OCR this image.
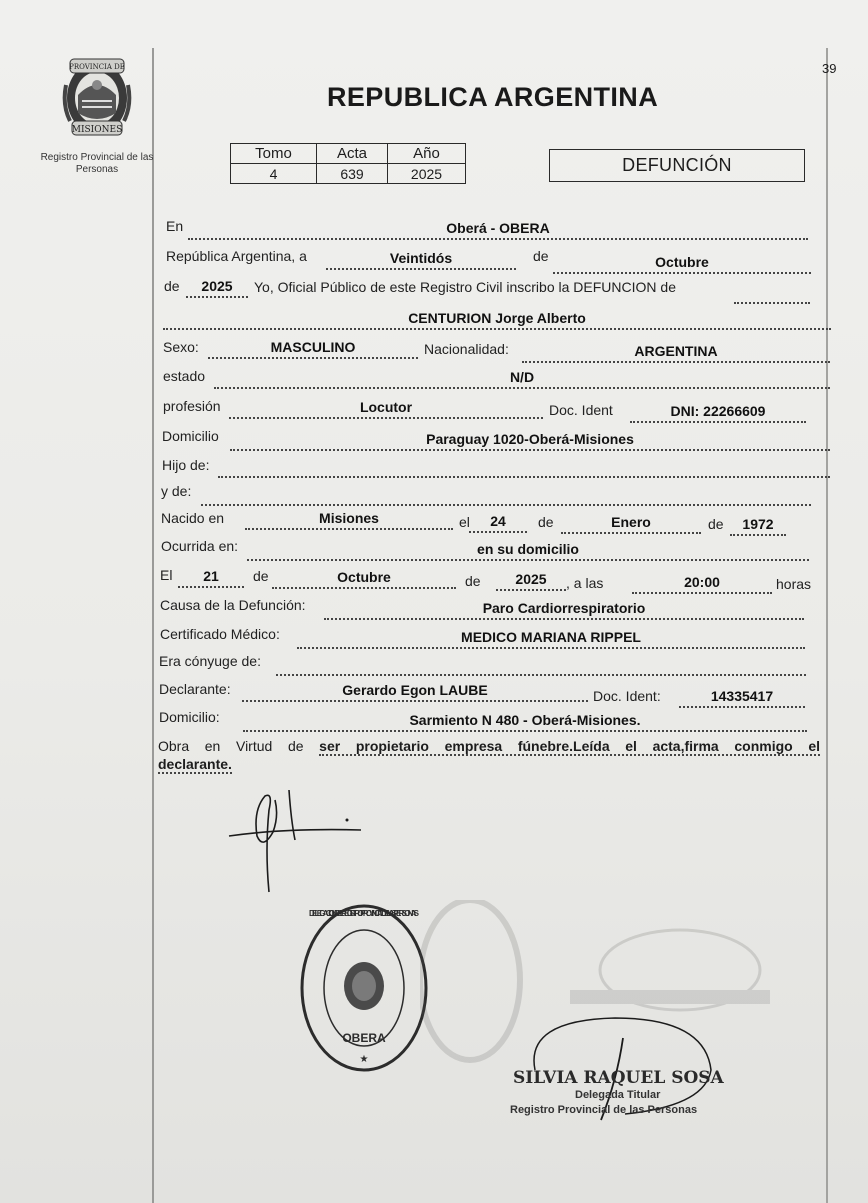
39
PROVINCIA DE
MISIONES
Registro Provincial de las Personas
REPUBLICA ARGENTINA
Tomo	Acta	Año
4	639	2025	DEFUNCIÓN
En	Oberá - OBERA
República Argentina, a	Veintidós	de	Octubre
de	2025	Yo, Oficial Público de este Registro Civil inscribo la DEFUNCION de
CENTURION Jorge Alberto
Sexo:	MASCULINO	Nacionalidad:	ARGENTINA
estado	N/D
profesión	Locutor	Doc. Ident	DNI: 22266609
Domicilio	Paraguay 1020-Oberá-Misiones
Hijo de:
y de:
Nacido en	Misiones	el	24	de	Enero	de	1972
Ocurrida en:	en su domicilio
El	21	de	Octubre	de	2025	, a las	20:00	horas
Causa de la Defunción:	Paro Cardiorrespiratorio
Certificado Médico:	MEDICO MARIANA RIPPEL
Era cónyuge de:
Declarante:	Gerardo Egon LAUBE	Doc. Ident:	14335417
Domicilio:	Sarmiento N 480 - Oberá-Misiones.
Obra en Virtud de ser propietario empresa fúnebre.Leída el acta,firma conmigo el
declarante.
DELEGACION DEL REGISTRO PROVINCIAL DE LAS PERSONAS
OBERA
★
SILVIA RAQUEL SOSA
Delegada Titular
Registro Provincial de las Personas
